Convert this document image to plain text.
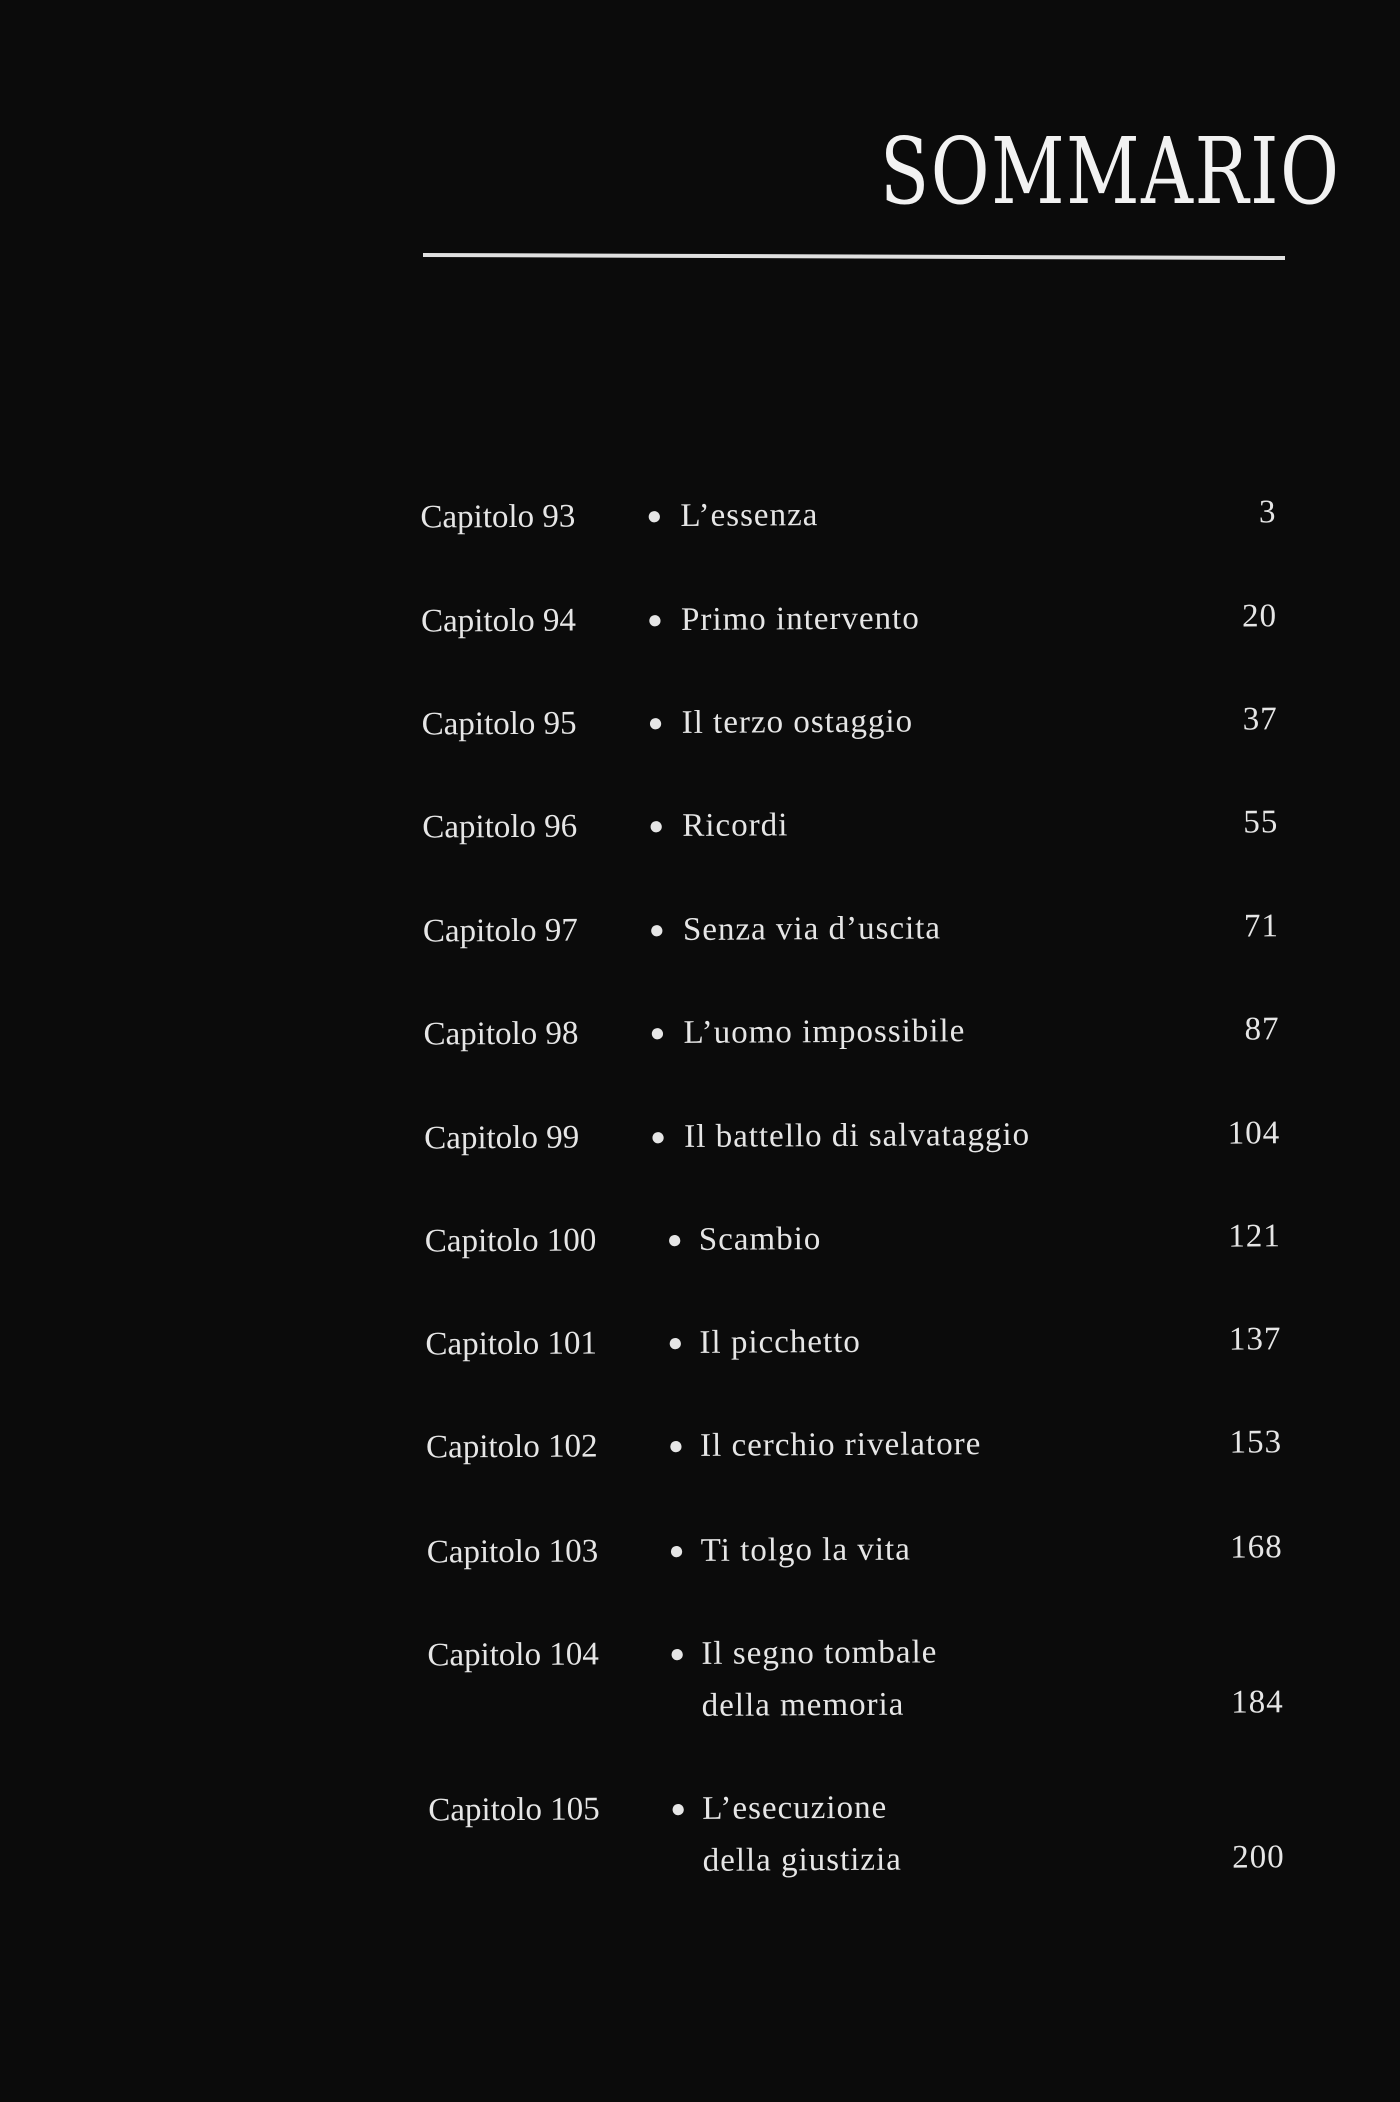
SOMMARIO
Capitolo 93	● L’essenza	3
Capitolo 94	● Primo intervento	20
Capitolo 95	● Il terzo ostaggio	37
Capitolo 96	● Ricordi	55
Capitolo 97	● Senza via d’uscita	71
Capitolo 98	● L’uomo impossibile	87
Capitolo 99	● Il battello di salvataggio	104
Capitolo 100	● Scambio	121
Capitolo 101	● Il picchetto	137
Capitolo 102	● Il cerchio rivelatore	153
Capitolo 103	● Ti tolgo la vita	168
Capitolo 104	● Il segno tombale
della memoria	184
Capitolo 105	● L’esecuzione
della giustizia	200
